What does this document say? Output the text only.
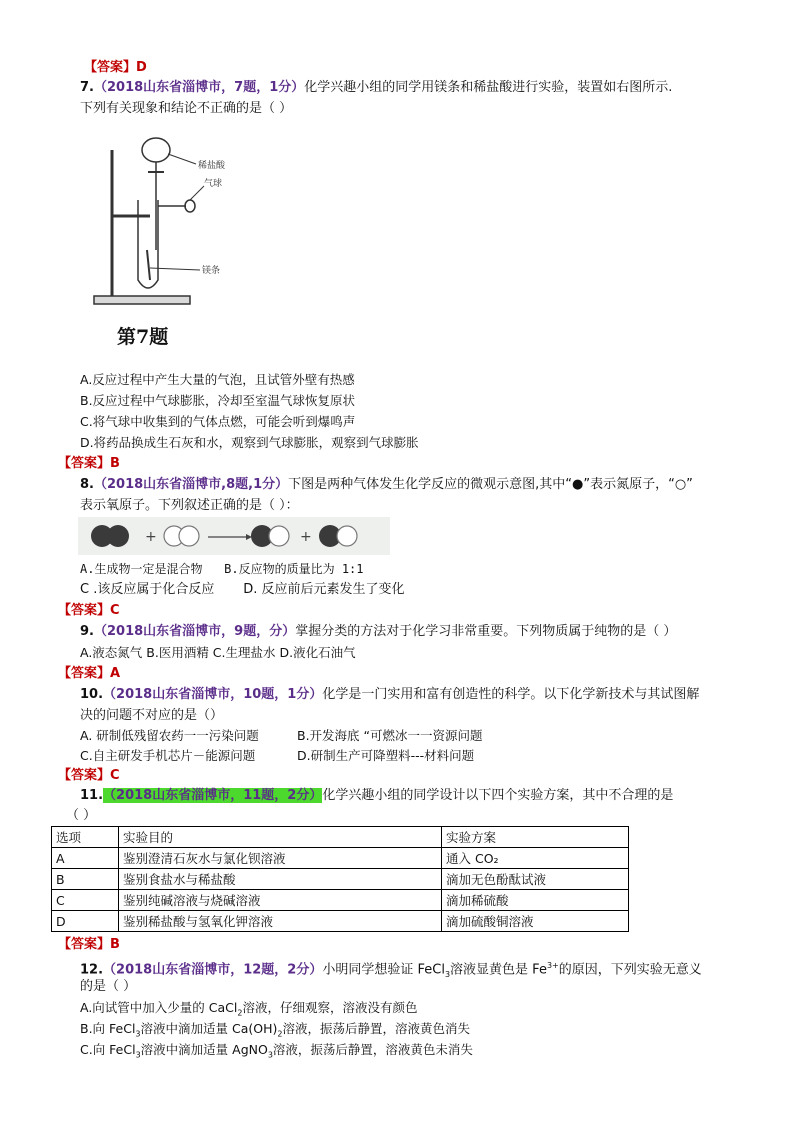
【答案】D
7.（2018山东省淄博市，7题，1分）化学兴趣小组的同学用镁条和稀盐酸进行实验，装置如右图所示.
下列有关现象和结论不正确的是（ ）
稀盐酸
气球
镁条
第7题
A.反应过程中产生大量的气泡，且试管外壁有热感
B.反应过程中气球膨胀，冷却至室温气球恢复原状
C.将气球中收集到的气体点燃，可能会听到爆鸣声
D.将药品换成生石灰和水，观察到气球膨胀，观察到气球膨胀
【答案】B
8.（2018山东省淄博市,8题,1分）下图是两种气体发生化学反应的微观示意图,其中“●”表示氮原子，“○”
表示氧原子。下列叙述正确的是（ ）：
+	+
A.生成物一定是混合物 B.反应物的质量比为 1:1
C .该反应属于化合反应 D. 反应前后元素发生了变化
【答案】C
9.（2018山东省淄博市，9题，分）掌握分类的方法对于化学习非常重要。下列物质属于纯物的是（ ）
A.液态氮气 B.医用酒精 C.生理盐水 D.液化石油气
【答案】A
10.（2018山东省淄博市，10题，1分）化学是一门实用和富有创造性的科学。以下化学新技术与其试图解
决的问题不对应的是（）
A. 研制低残留农药一一污染问题	B.开发海底 “可燃冰一一资源问题
C.自主研发手机芯片－能源问题	D.研制生产可降塑料---材料问题
【答案】C
11.（2018山东省淄博市，11题，2分）化学兴趣小组的同学设计以下四个实验方案，其中不合理的是
（ ）
选项	实验目的	实验方案
A	鉴别澄清石灰水与氯化钡溶液	通入 CO₂
B	鉴别食盐水与稀盐酸	滴加无色酚酞试液
C	鉴别纯碱溶液与烧碱溶液	滴加稀硫酸
D	鉴别稀盐酸与氢氧化钾溶液	滴加硫酸铜溶液
【答案】B
12.（2018山东省淄博市，12题，2分）小明同学想验证 FeCl$_3$溶液显黄色是 $Fe^{3+}$的原因，下列实验无意义
的是（ ）
A.向试管中加入少量的 CaCl$_2$溶液，仔细观察，溶液没有颜色
B.向 FeCl$_3$溶液中滴加适量 $Ca(OH)_2$溶液，振荡后静置，溶液黄色消失
C.向 FeCl$_3$溶液中滴加适量 AgNO$_3$溶液，振荡后静置，溶液黄色未消失
